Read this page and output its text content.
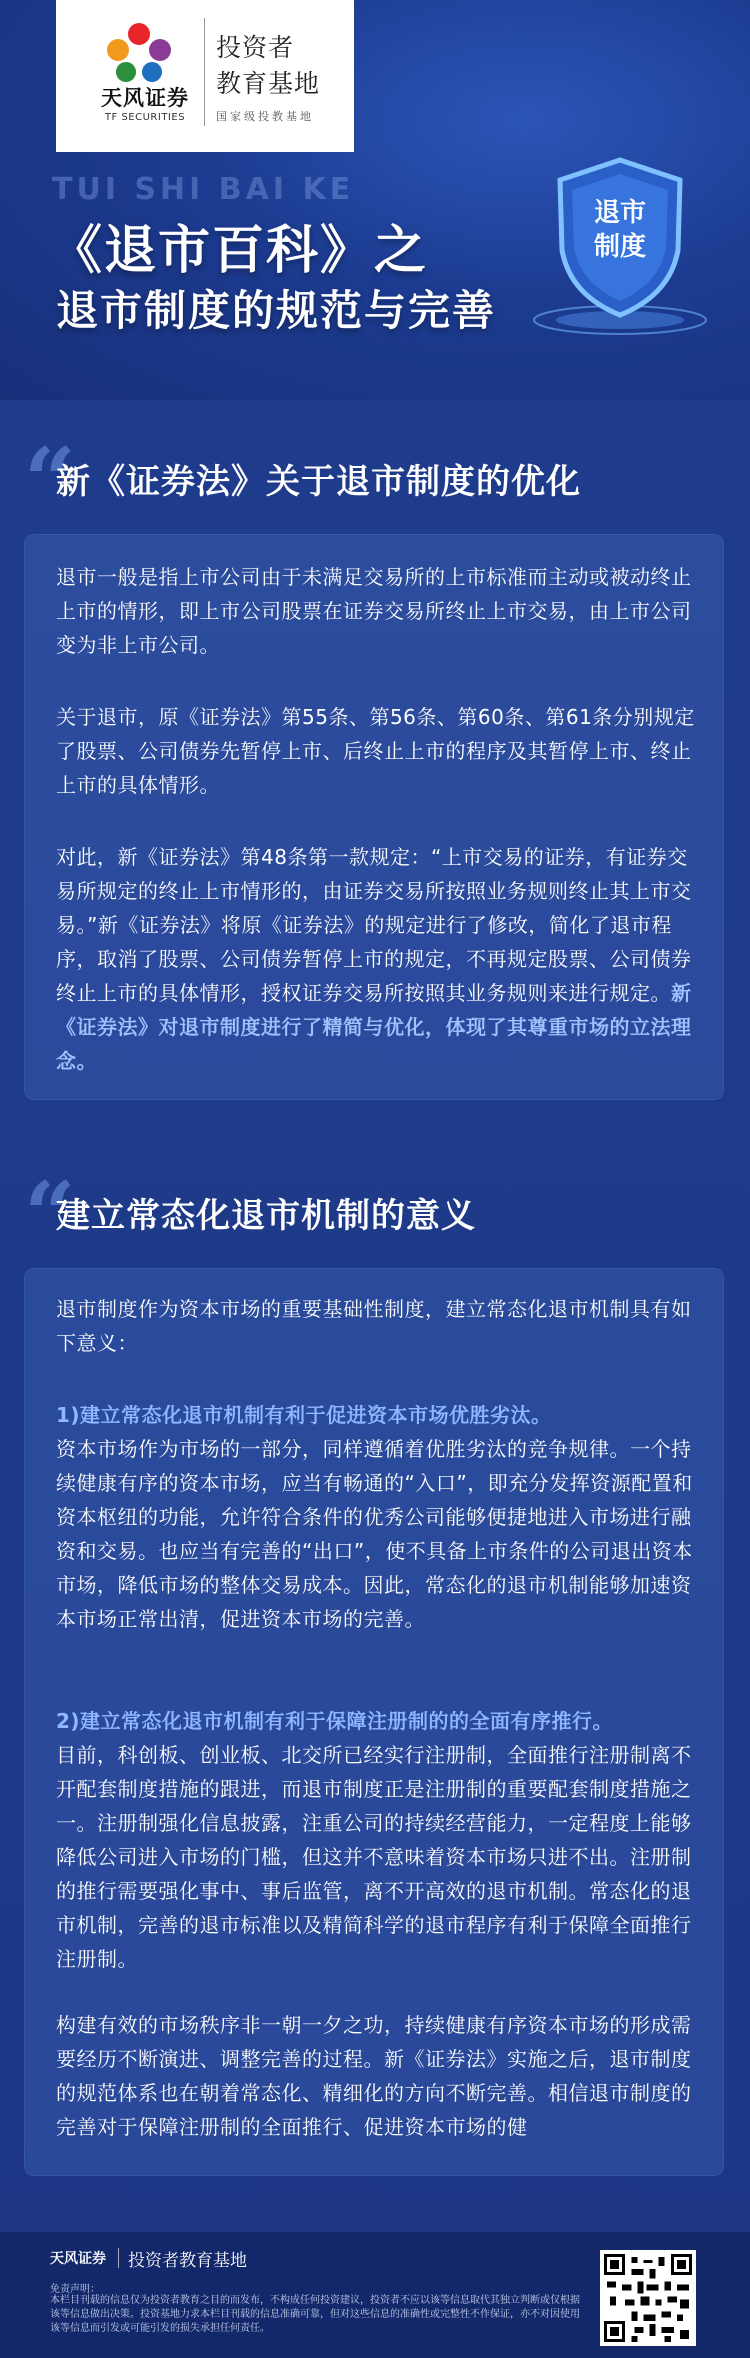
天风证券
TF SECURITIES
投资者
教育基地
国家级投教基地
TUI SHI BAI KE
《退市百科》之
退市制度的规范与完善
退市
制度
“
新《证券法》关于退市制度的优化
退市一般是指上市公司由于未满足交易所的上市标准而主动或被动终止上市的情形，即上市公司股票在证券交易所终止上市交易，由上市公司变为非上市公司。
关于退市，原《证券法》第55条、第56条、第60条、第61条分别规定了股票、公司债券先暂停上市、后终止上市的程序及其暂停上市、终止上市的具体情形。
对此，新《证券法》第48条第一款规定：“上市交易的证券，有证券交易所规定的终止上市情形的，由证券交易所按照业务规则终止其上市交易。”新《证券法》将原《证券法》的规定进行了修改，简化了退市程序，取消了股票、公司债券暂停上市的规定，不再规定股票、公司债券终止上市的具体情形，授权证券交易所按照其业务规则来进行规定。新《证券法》对退市制度进行了精简与优化，体现了其尊重市场的立法理念。
“
建立常态化退市机制的意义
退市制度作为资本市场的重要基础性制度，建立常态化退市机制具有如下意义：
1)建立常态化退市机制有利于促进资本市场优胜劣汰。
资本市场作为市场的一部分，同样遵循着优胜劣汰的竞争规律。一个持续健康有序的资本市场，应当有畅通的“入口”，即充分发挥资源配置和资本枢纽的功能，允许符合条件的优秀公司能够便捷地进入市场进行融资和交易。也应当有完善的“出口”，使不具备上市条件的公司退出资本市场，降低市场的整体交易成本。因此，常态化的退市机制能够加速资本市场正常出清，促进资本市场的完善。
2)建立常态化退市机制有利于保障注册制的的全面有序推行。
目前，科创板、创业板、北交所已经实行注册制，全面推行注册制离不开配套制度措施的跟进，而退市制度正是注册制的重要配套制度措施之一。注册制强化信息披露，注重公司的持续经营能力，一定程度上能够降低公司进入市场的门槛，但这并不意味着资本市场只进不出。注册制的推行需要强化事中、事后监管，离不开高效的退市机制。常态化的退市机制，完善的退市标准以及精简科学的退市程序有利于保障全面推行注册制。
构建有效的市场秩序非一朝一夕之功，持续健康有序资本市场的形成需要经历不断演进、调整完善的过程。新《证券法》实施之后，退市制度的规范体系也在朝着常态化、精细化的方向不断完善。相信退市制度的完善对于保障注册制的全面推行、促进资本市场的健
天风证券 投资者教育基地
免责声明：
本栏目刊载的信息仅为投资者教育之目的而发布，不构成任何投资建议，投资者不应以该等信息取代其独立判断或仅根据该等信息做出决策。投资基地力求本栏目刊载的信息准确可靠，但对这些信息的准确性或完整性不作保证，亦不对因使用该等信息而引发或可能引发的损失承担任何责任。
